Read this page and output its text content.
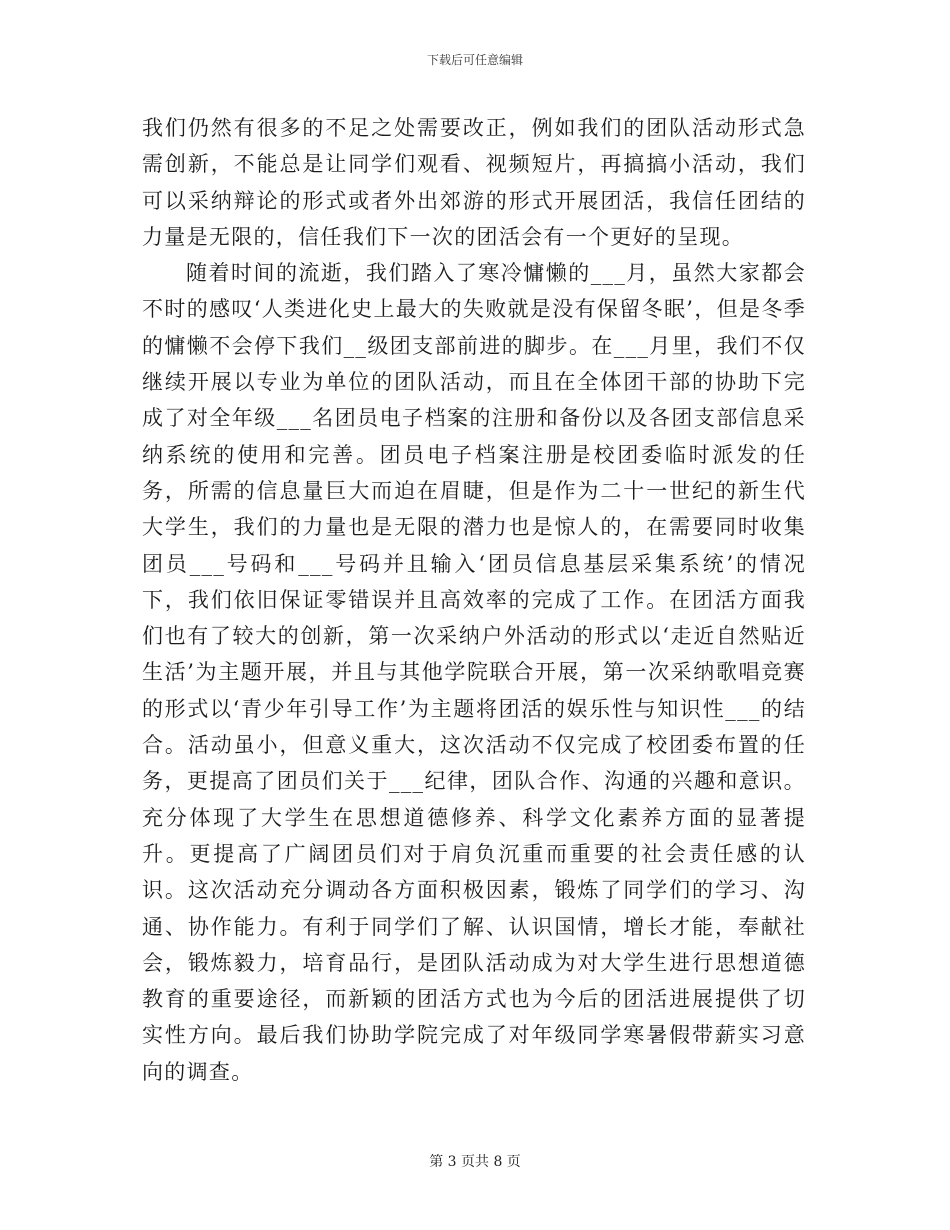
下载后可任意编辑

我们仍然有很多的不足之处需要改正，例如我们的团队活动形式急需创新，不能总是让同学们观看、视频短片，再搞搞小活动，我们可以采纳辩论的形式或者外出郊游的形式开展团活，我信任团结的力量是无限的，信任我们下一次的团活会有一个更好的呈现。

随着时间的流逝，我们踏入了寒冷慵懒的___月，虽然大家都会不时的感叹‘人类进化史上最大的失败就是没有保留冬眠’，但是冬季的慵懒不会停下我们__级团支部前进的脚步。在___月里，我们不仅继续开展以专业为单位的团队活动，而且在全体团干部的协助下完成了对全年级___名团员电子档案的注册和备份以及各团支部信息采纳系统的使用和完善。团员电子档案注册是校团委临时派发的任务，所需的信息量巨大而迫在眉睫，但是作为二十一世纪的新生代大学生，我们的力量也是无限的潜力也是惊人的，在需要同时收集团员___号码和___号码并且输入‘团员信息基层采集系统’的情况下，我们依旧保证零错误并且高效率的完成了工作。在团活方面我们也有了较大的创新，第一次采纳户外活动的形式以‘走近自然贴近生活’为主题开展，并且与其他学院联合开展，第一次采纳歌唱竞赛的形式以‘青少年引导工作’为主题将团活的娱乐性与知识性___的结合。活动虽小，但意义重大，这次活动不仅完成了校团委布置的任务，更提高了团员们关于___纪律，团队合作、沟通的兴趣和意识。充分体现了大学生在思想道德修养、科学文化素养方面的显著提升。更提高了广阔团员们对于肩负沉重而重要的社会责任感的认识。这次活动充分调动各方面积极因素，锻炼了同学们的学习、沟通、协作能力。有利于同学们了解、认识国情，增长才能，奉献社会，锻炼毅力，培育品行，是团队活动成为对大学生进行思想道德教育的重要途径，而新颖的团活方式也为今后的团活进展提供了切实性方向。最后我们协助学院完成了对年级同学寒暑假带薪实习意向的调查。

第 3 页共 8 页
